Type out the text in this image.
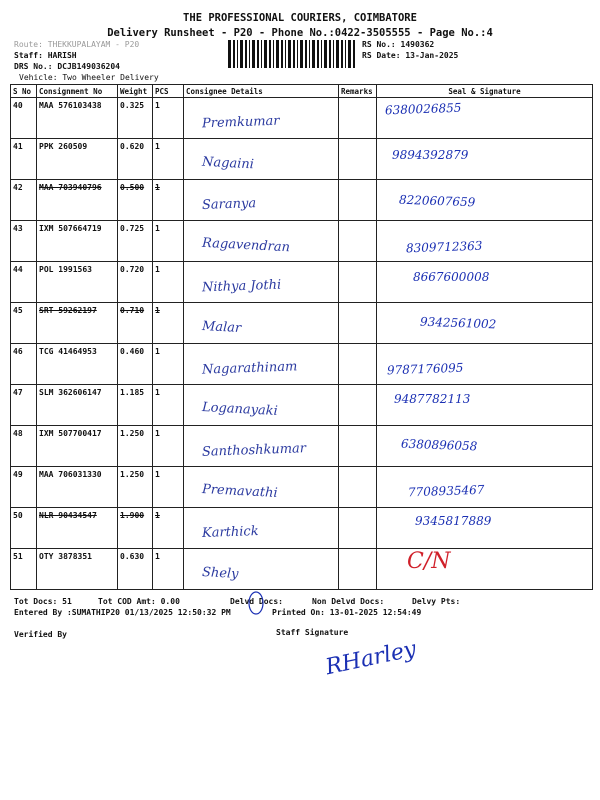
THE PROFESSIONAL COURIERS, COIMBATORE
Delivery Runsheet - P20 - Phone No.:0422-3505555 - Page No.:4
Route: THEKKUPALAYAM - P20
Staff: HARISH
DRS No.: DCJB149036204
Vehicle: Two Wheeler Delivery
RS No.: 1490362
RS Date: 13-Jan-2025
S No	Consignment No	Weight	PCS	Consignee Details	Remarks	Seal & Signature
40	MAA 576103438	0.325	1	Premkumar		6380026855

41	PPK 260509	0.620	1	Nagaini		9894392879

42	MAA 703940796	0.500	1	Saranya		8220607659

43	IXM 507664719	0.725	1	Ragavendran		8309712363

44	POL 1991563	0.720	1	Nithya Jothi		8667600008

45	SRT 59262197	0.710	1	Malar		9342561002

46	TCG 41464953	0.460	1	Nagarathinam		9787176095

47	SLM 362606147	1.185	1	Loganayaki		9487782113

48	IXM 507700417	1.250	1	Santhoshkumar		6380896058

49	MAA 706031330	1.250	1	Premavathi		7708935467

50	NLR 90434547	1.900	1	Karthick		9345817889

51	OTY 3878351	0.630	1	Shely		C/N
Tot Docs: 51	Tot COD Amt: 0.00	Delvd Docs:	Non Delvd Docs:	Delvy Pts:
Entered By :SUMATHIP20 01/13/2025 12:50:32 PM	Printed On: 13-01-2025 12:54:49
Verified By	Staff Signature
RHarley
